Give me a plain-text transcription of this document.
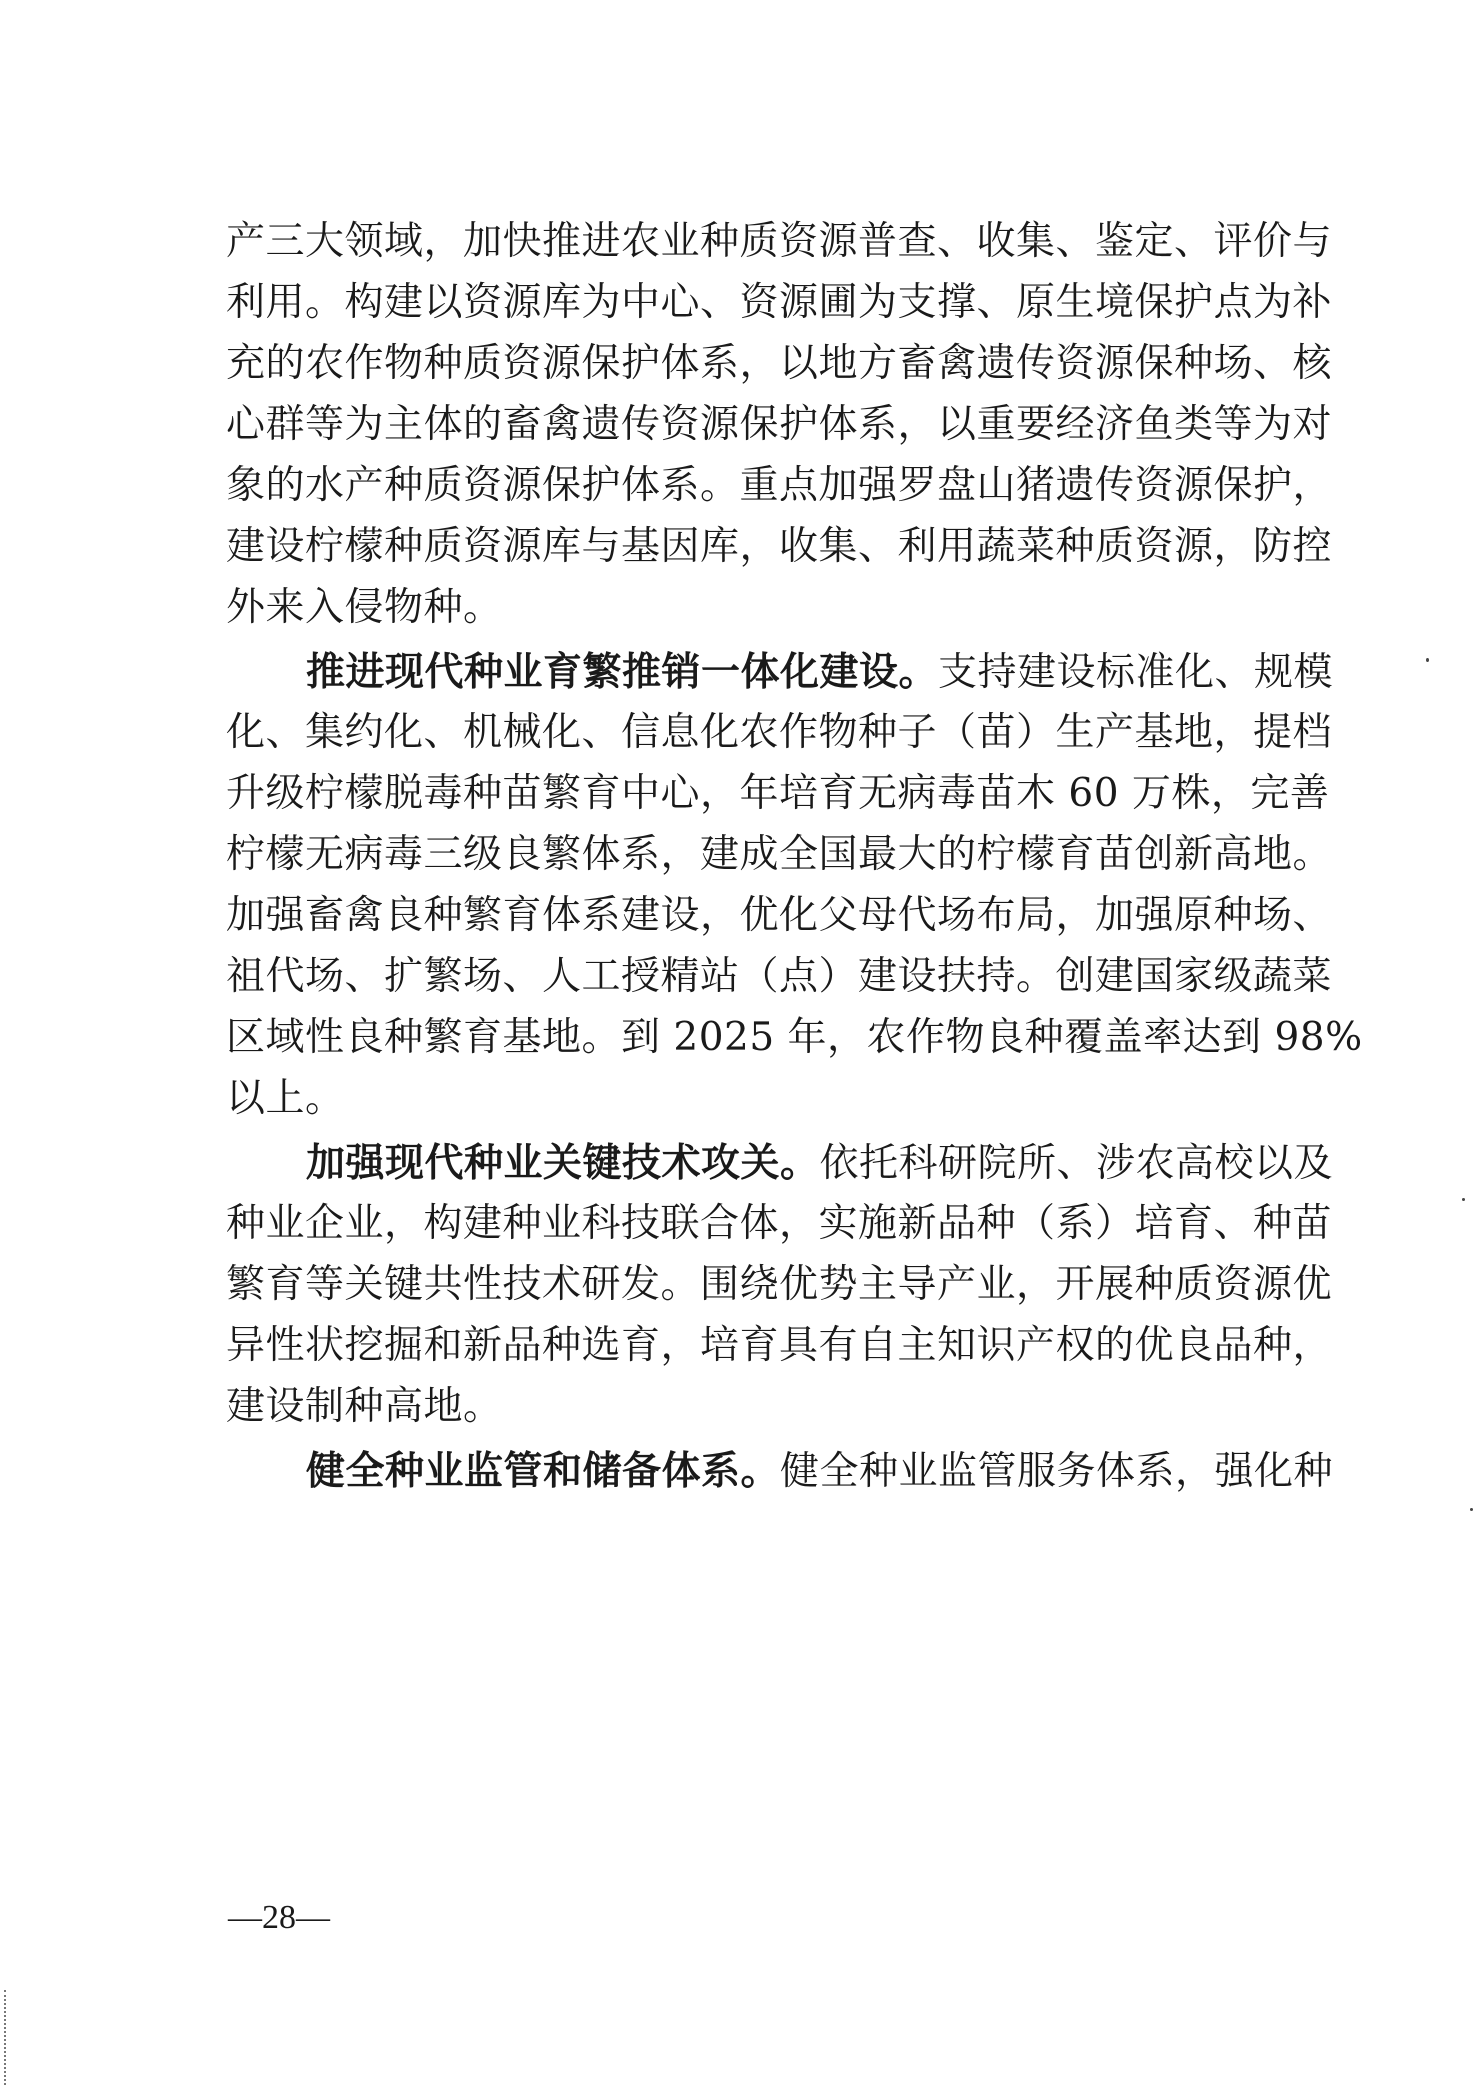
产三大领域，加快推进农业种质资源普查、收集、鉴定、评价与
利用。构建以资源库为中心、资源圃为支撑、原生境保护点为补
充的农作物种质资源保护体系，以地方畜禽遗传资源保种场、核
心群等为主体的畜禽遗传资源保护体系，以重要经济鱼类等为对
象的水产种质资源保护体系。重点加强罗盘山猪遗传资源保护，
建设柠檬种质资源库与基因库，收集、利用蔬菜种质资源，防控
外来入侵物种。
推进现代种业育繁推销一体化建设。支持建设标准化、规模
化、集约化、机械化、信息化农作物种子（苗）生产基地，提档
升级柠檬脱毒种苗繁育中心，年培育无病毒苗木 60 万株，完善
柠檬无病毒三级良繁体系，建成全国最大的柠檬育苗创新高地。
加强畜禽良种繁育体系建设，优化父母代场布局，加强原种场、
祖代场、扩繁场、人工授精站（点）建设扶持。创建国家级蔬菜
区域性良种繁育基地。到 2025 年，农作物良种覆盖率达到 98%
以上。
加强现代种业关键技术攻关。依托科研院所、涉农高校以及
种业企业，构建种业科技联合体，实施新品种（系）培育、种苗
繁育等关键共性技术研发。围绕优势主导产业，开展种质资源优
异性状挖掘和新品种选育，培育具有自主知识产权的优良品种，
建设制种高地。
健全种业监管和储备体系。健全种业监管服务体系，强化种
—28—
